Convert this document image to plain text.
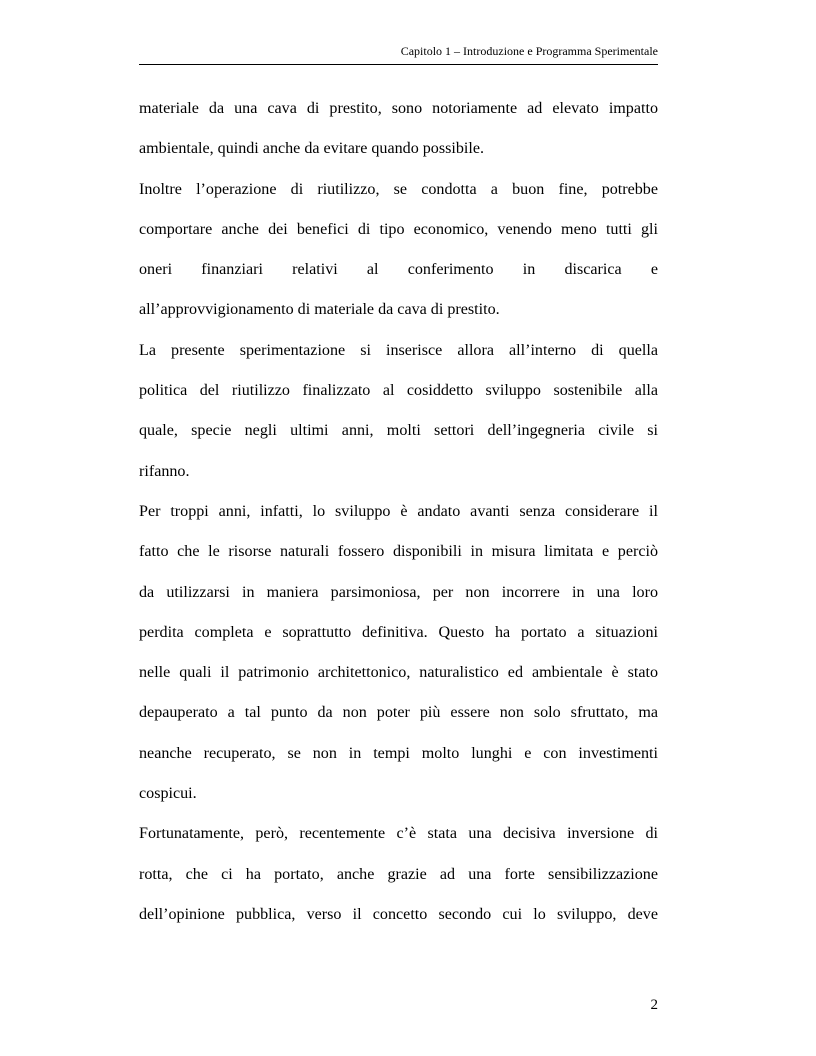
Capitolo 1 – Introduzione e Programma Sperimentale

materiale da una cava di prestito, sono notoriamente ad elevato impatto
ambientale, quindi anche da evitare quando possibile.

Inoltre l’operazione di riutilizzo, se condotta a buon fine, potrebbe
comportare anche dei benefici di tipo economico, venendo meno tutti gli
oneri finanziari relativi al conferimento in discarica e
all’approvvigionamento di materiale da cava di prestito.

La presente sperimentazione si inserisce allora all’interno di quella
politica del riutilizzo finalizzato al cosiddetto sviluppo sostenibile alla
quale, specie negli ultimi anni, molti settori dell’ingegneria civile si
rifanno.

Per troppi anni, infatti, lo sviluppo è andato avanti senza considerare il
fatto che le risorse naturali fossero disponibili in misura limitata e perciò
da utilizzarsi in maniera parsimoniosa, per non incorrere in una loro
perdita completa e soprattutto definitiva. Questo ha portato a situazioni
nelle quali il patrimonio architettonico, naturalistico ed ambientale è stato
depauperato a tal punto da non poter più essere non solo sfruttato, ma
neanche recuperato, se non in tempi molto lunghi e con investimenti
cospicui.

Fortunatamente, però, recentemente c’è stata una decisiva inversione di
rotta, che ci ha portato, anche grazie ad una forte sensibilizzazione
dell’opinione pubblica, verso il concetto secondo cui lo sviluppo, deve

2
